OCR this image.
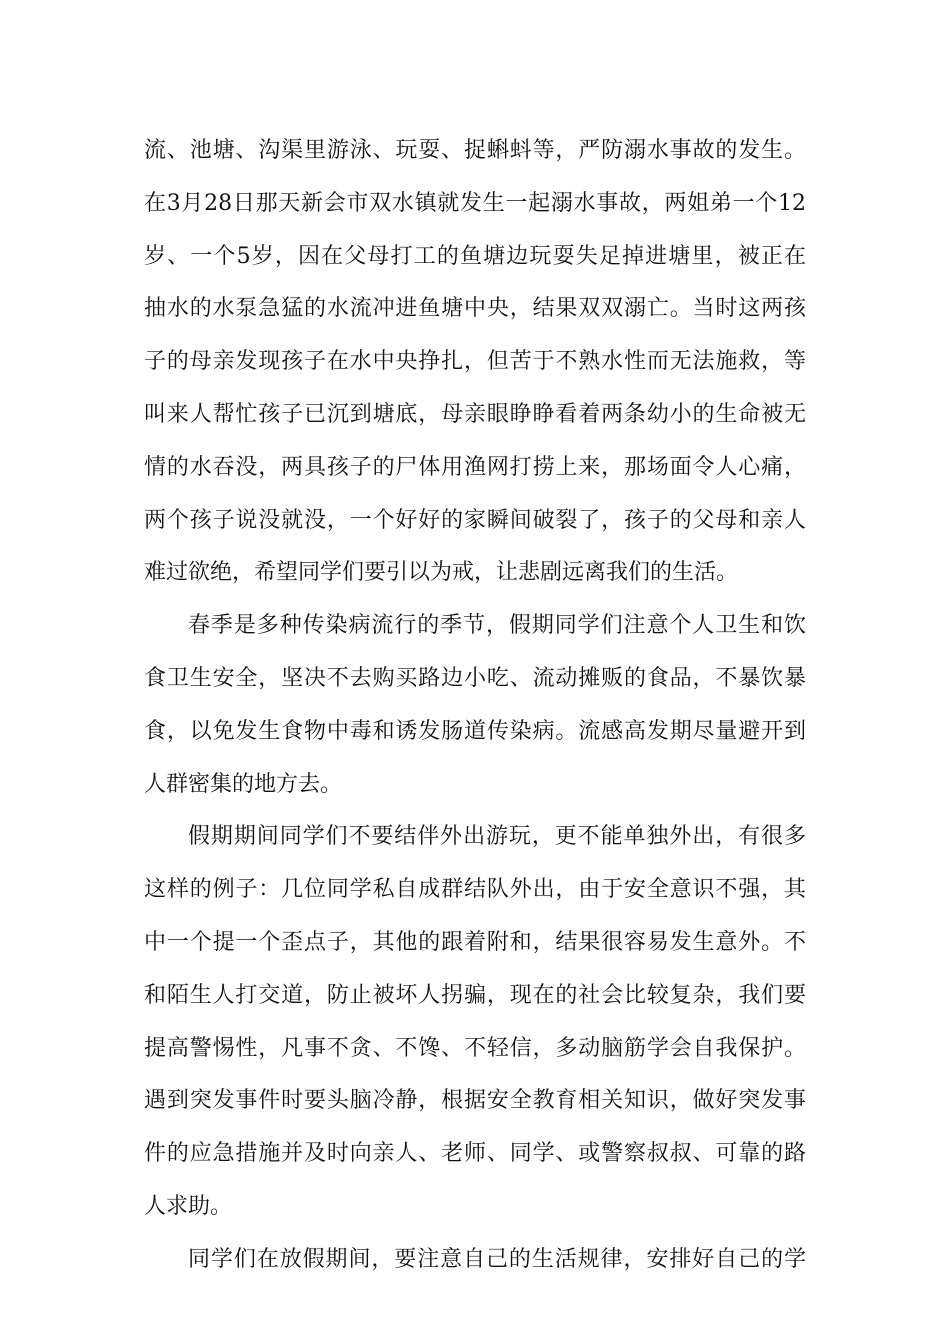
流、池塘、沟渠里游泳、玩耍、捉蝌蚪等，严防溺水事故的发生。
在3月28日那天新会市双水镇就发生一起溺水事故，两姐弟一个12
岁、一个5岁，因在父母打工的鱼塘边玩耍失足掉进塘里，被正在
抽水的水泵急猛的水流冲进鱼塘中央，结果双双溺亡。当时这两孩
子的母亲发现孩子在水中央挣扎，但苦于不熟水性而无法施救，等
叫来人帮忙孩子已沉到塘底，母亲眼睁睁看着两条幼小的生命被无
情的水吞没，两具孩子的尸体用渔网打捞上来，那场面令人心痛，
两个孩子说没就没，一个好好的家瞬间破裂了，孩子的父母和亲人
难过欲绝，希望同学们要引以为戒，让悲剧远离我们的生活。
春季是多种传染病流行的季节，假期同学们注意个人卫生和饮
食卫生安全，坚决不去购买路边小吃、流动摊贩的食品，不暴饮暴
食，以免发生食物中毒和诱发肠道传染病。流感高发期尽量避开到
人群密集的地方去。
假期期间同学们不要结伴外出游玩，更不能单独外出，有很多
这样的例子：几位同学私自成群结队外出，由于安全意识不强，其
中一个提一个歪点子，其他的跟着附和，结果很容易发生意外。不
和陌生人打交道，防止被坏人拐骗，现在的社会比较复杂，我们要
提高警惕性，凡事不贪、不馋、不轻信，多动脑筋学会自我保护。
遇到突发事件时要头脑冷静，根据安全教育相关知识，做好突发事
件的应急措施并及时向亲人、老师、同学、或警察叔叔、可靠的路
人求助。
同学们在放假期间，要注意自己的生活规律，安排好自己的学
